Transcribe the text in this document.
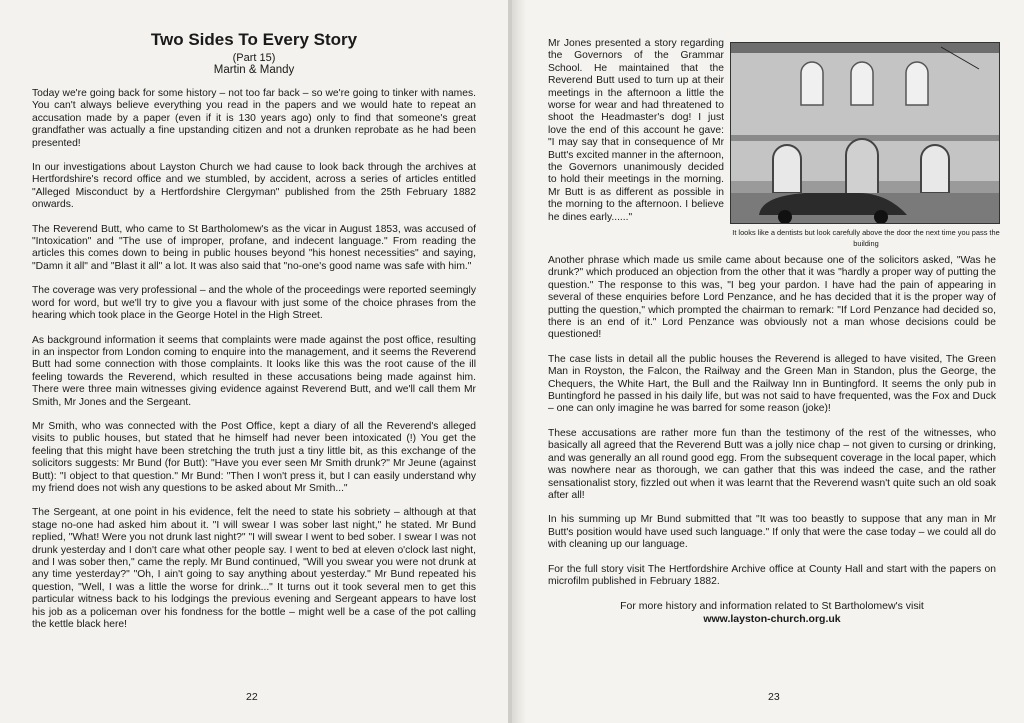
Two Sides To Every Story
(Part 15)
Martin & Mandy

Today we're going back for some history – not too far back – so we're going to tinker with names. You can't always believe everything you read in the papers and we would hate to repeat an accusation made by a paper (even if it is 130 years ago) only to find that someone's great grandfather was actually a fine upstanding citizen and not a drunken reprobate as he had been presented!

In our investigations about Layston Church we had cause to look back through the archives at Hertfordshire's record office and we stumbled, by accident, across a series of articles entitled "Alleged Misconduct by a Hertfordshire Clergyman" published from the 25th February 1882 onwards.

The Reverend Butt, who came to St Bartholomew's as the vicar in August 1853, was accused of "Intoxication" and "The use of improper, profane, and indecent language." From reading the articles this comes down to being in public houses beyond "his honest necessities" and saying, "Damn it all" and "Blast it all" a lot. It was also said that "no-one's good name was safe with him."

The coverage was very professional – and the whole of the proceedings were reported seemingly word for word, but we'll try to give you a flavour with just some of the choice phrases from the hearing which took place in the George Hotel in the High Street.

As background information it seems that complaints were made against the post office, resulting in an inspector from London coming to enquire into the management, and it seems the Reverend Butt had some connection with those complaints. It looks like this was the root cause of the ill feeling towards the Reverend, which resulted in these accusations being made against him. There were three main witnesses giving evidence against Reverend Butt, and we'll call them Mr Smith, Mr Jones and the Sergeant.

Mr Smith, who was connected with the Post Office, kept a diary of all the Reverend's alleged visits to public houses, but stated that he himself had never been intoxicated (!) You get the feeling that this might have been stretching the truth just a tiny little bit, as this exchange of the solicitors suggests: Mr Bund (for Butt): "Have you ever seen Mr Smith drunk?" Mr Jeune (against Butt): "I object to that question." Mr Bund: "Then I won't press it, but I can easily understand why my friend does not wish any questions to be asked about Mr Smith..."

The Sergeant, at one point in his evidence, felt the need to state his sobriety – although at that stage no-one had asked him about it. "I will swear I was sober last night," he stated. Mr Bund replied, "What! Were you not drunk last night?" "I will swear I went to bed sober. I swear I was not drunk yesterday and I don't care what other people say. I went to bed at eleven o'clock last night, and I was sober then," came the reply. Mr Bund continued, "Will you swear you were not drunk at any time yesterday?" "Oh, I ain't going to say anything about yesterday." Mr Bund repeated his question, "Well, I was a little the worse for drink..." It turns out it took several men to get this particular witness back to his lodgings the previous evening and Sergeant appears to have lost his job as a policeman over his fondness for the bottle – might well be a case of the pot calling the kettle black here!

22
It looks like a dentists but look carefully above the door the next time you pass the building

Mr Jones presented a story regarding the Governors of the Grammar School. He maintained that the Reverend Butt used to turn up at their meetings in the afternoon a little the worse for wear and had threatened to shoot the Headmaster's dog! I just love the end of this account he gave: "I may say that in consequence of Mr Butt's excited manner in the afternoon, the Governors unanimously decided to hold their meetings in the morning. Mr Butt is as different as possible in the morning to the afternoon. I believe he dines early......"

Another phrase which made us smile came about because one of the solicitors asked, "Was he drunk?" which produced an objection from the other that it was "hardly a proper way of putting the question." The response to this was, "I beg your pardon. I have had the pain of appearing in several of these enquiries before Lord Penzance, and he has decided that it is the proper way of putting the question," which prompted the chairman to remark: "If Lord Penzance had decided so, there is an end of it." Lord Penzance was obviously not a man whose decisions could be questioned!

The case lists in detail all the public houses the Reverend is alleged to have visited, The Green Man in Royston, the Falcon, the Railway and the Green Man in Standon, plus the George, the Chequers, the White Hart, the Bull and the Railway Inn in Buntingford. It seems the only pub in Buntingford he passed in his daily life, but was not said to have frequented, was the Fox and Duck – one can only imagine he was barred for some reason (joke)!

These accusations are rather more fun than the testimony of the rest of the witnesses, who basically all agreed that the Reverend Butt was a jolly nice chap – not given to cursing or drinking, and was generally an all round good egg. From the subsequent coverage in the local paper, which was nowhere near as thorough, we can gather that this was indeed the case, and the rather sensationalist story, fizzled out when it was learnt that the Reverend wasn't quite such an old soak after all!

In his summing up Mr Bund submitted that "It was too beastly to suppose that any man in Mr Butt's position would have used such language." If only that were the case today – we could all do with cleaning up our language.

For the full story visit The Hertfordshire Archive office at County Hall and start with the papers on microfilm published in February 1882.

For more history and information related to St Bartholomew's visit
www.layston-church.org.uk
23
